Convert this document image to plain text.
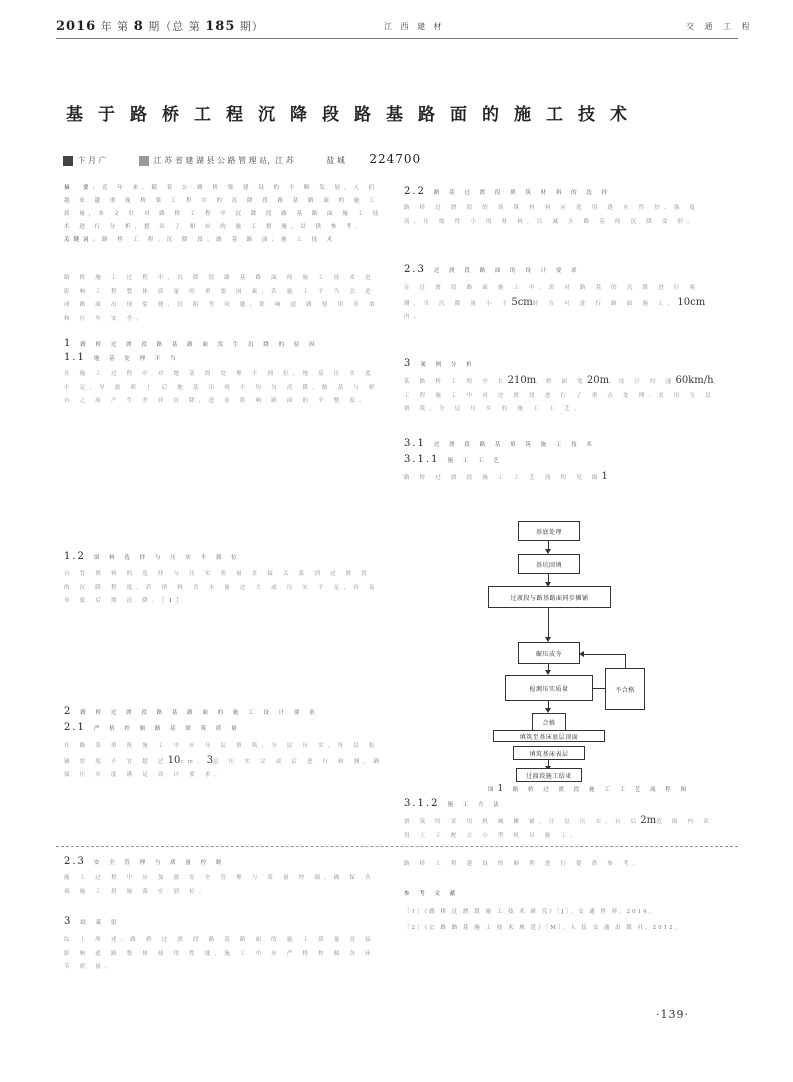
2016 年 第 8 期（总 第 185 期）	江 西 建 材	交 通 工 程
基于路桥工程沉降段路基路面的施工技术
卞 月 广	江 苏 省 建 湖 县 公 路 管 理 站，江 苏	盐 城 224700
摘　要：近 年 来，随 着 公 路 桥 梁 建 设 的 不 断 发 展，人 们 越 来 越 重 视 桥 梁 工 程 中 的 沉 降 段 路 基 路 面 的 施 工 质 量，本 文 针 对 路 桥 工 程 中 沉 降 段 路 基 路 面 施 工 技 术 进 行 分 析，提 出 了 相 应 的 施 工 措 施，以 供 参 考。
关键词：路 桥 工 程；沉 降 段；路 基 路 面；施 工 技 术
路 桥 施 工 过 程 中，沉 降 段 路 基 路 面 的 施 工 技 术 是 影 响 工 程 整 体 质 量 的 重 要 因 素，若 施 工 不 当 会 造 成 路 面 出 现 裂 缝、沉 陷 等 问 题，影 响 道 路 使 用 寿 命 和 行 车 安 全。
1 路 桥 过 渡 段 路 基 路 面 发 生 沉 降 的 原 因
1.1 地 基 处 理 不 当
在 施 工 过 程 中 对 地 基 的 处 理 不 到 位，地 基 压 实 度 不 足，导 致 填 土 后 地 基 出 现 不 均 匀 沉 降，路 基 与 桥 台 之 间 产 生 差 异 沉 降，进 而 影 响 路 面 的 平 整 度。
1.2 填 料 选 择 与 压 实 不 到 位
台 背 填 料 的 选 择 与 压 实 质 量 直 接 关 系 到 过 渡 段 的 沉 降 程 度，若 填 料 含 水 量 过 大 或 压 实 不 足，容 易 导 致 后 期 沉 降。［1］
2 路 桥 过 渡 段 路 基 路 面 的 施 工 设 计 要 求
2.1 严 格 控 制 路 基 填 筑 质 量
在 路 基 填 筑 施 工 中 应 分 层 填 筑、分 层 压 实，每 层 松 铺 厚 度 不 宜 超 过10cm，3层 压 实 完 成 后 进 行 检 测，确 保 压 实 度 满 足 设 计 要 求。
2.2 路 基 过 渡 段 填 筑 材 料 的 选 择
路 桥 过 渡 段 的 填 筑 材 料 应 选 用 透 水 性 好、强 度 高、压 缩 性 小 的 材 料，以 减 少 路 基 的 沉 降 变 形。
2.3 过 渡 段 路 面 的 设 计 要 求
在 过 渡 段 路 面 施 工 中，需 对 路 基 的 沉 降 进 行 观 测，当 沉 降 量 小 于5cm时 方 可 进 行 路 面 施 工，10cm内。
3 案 例 分 析
某 路 桥 工 程 全 长210m，桥 面 宽20m，设 计 时 速60km/h，工 程 施 工 中 对 过 渡 段 进 行 了 重 点 处 理，采 用 分 层 填 筑、分 层 压 实 的 施 工 工 艺。
3.1 过 渡 段 路 基 填 筑 施 工 技 术
3.1.1 施 工 工 艺
路 桥 过 渡 段 施 工 工 艺 流 程 见 图1
基底处理
基坑回填
过渡段与路基路面同步摊铺
碾压成夯
检测压实质量	不合格
合格
填筑至基床底层顶面
填筑基床表层
图1　 路 桥 过 渡 段 施 工 工 艺 流 程 图
3.1.2 施 工 方 法
填 筑 时 采 用 机 械 摊 铺，分 层 压 实，台 后2m范 围 内 采 用 人 工 配 合 小 型 机 具 施 工。
2.3 安 全 管 理 与 质 量 控 制
施 工 过 程 中 应 加 强 安 全 管 理 与 质 量 控 制，确 保 各 项 施 工 措 施 落 实 到 位。
3 结 束 语
综 上 所 述，路 桥 过 渡 段 路 基 路 面 的 施 工 质 量 直 接 影 响 道 路 整 体 使 用 性 能，施 工 中 应 严 格 控 制 各 环 节 质 量。
路 桥 工 程 建 设 的 顺 利 进 行 提 供 参 考。
参 考 文 献
［1］《路 桥 过 渡 段 施 工 技 术 研 究》［J］．交 通 世 界，2014.
［2］《公 路 路 基 施 工 技 术 规 范》［M］．人 民 交 通 出 版 社，2012.
·139·
过渡段施工结束
